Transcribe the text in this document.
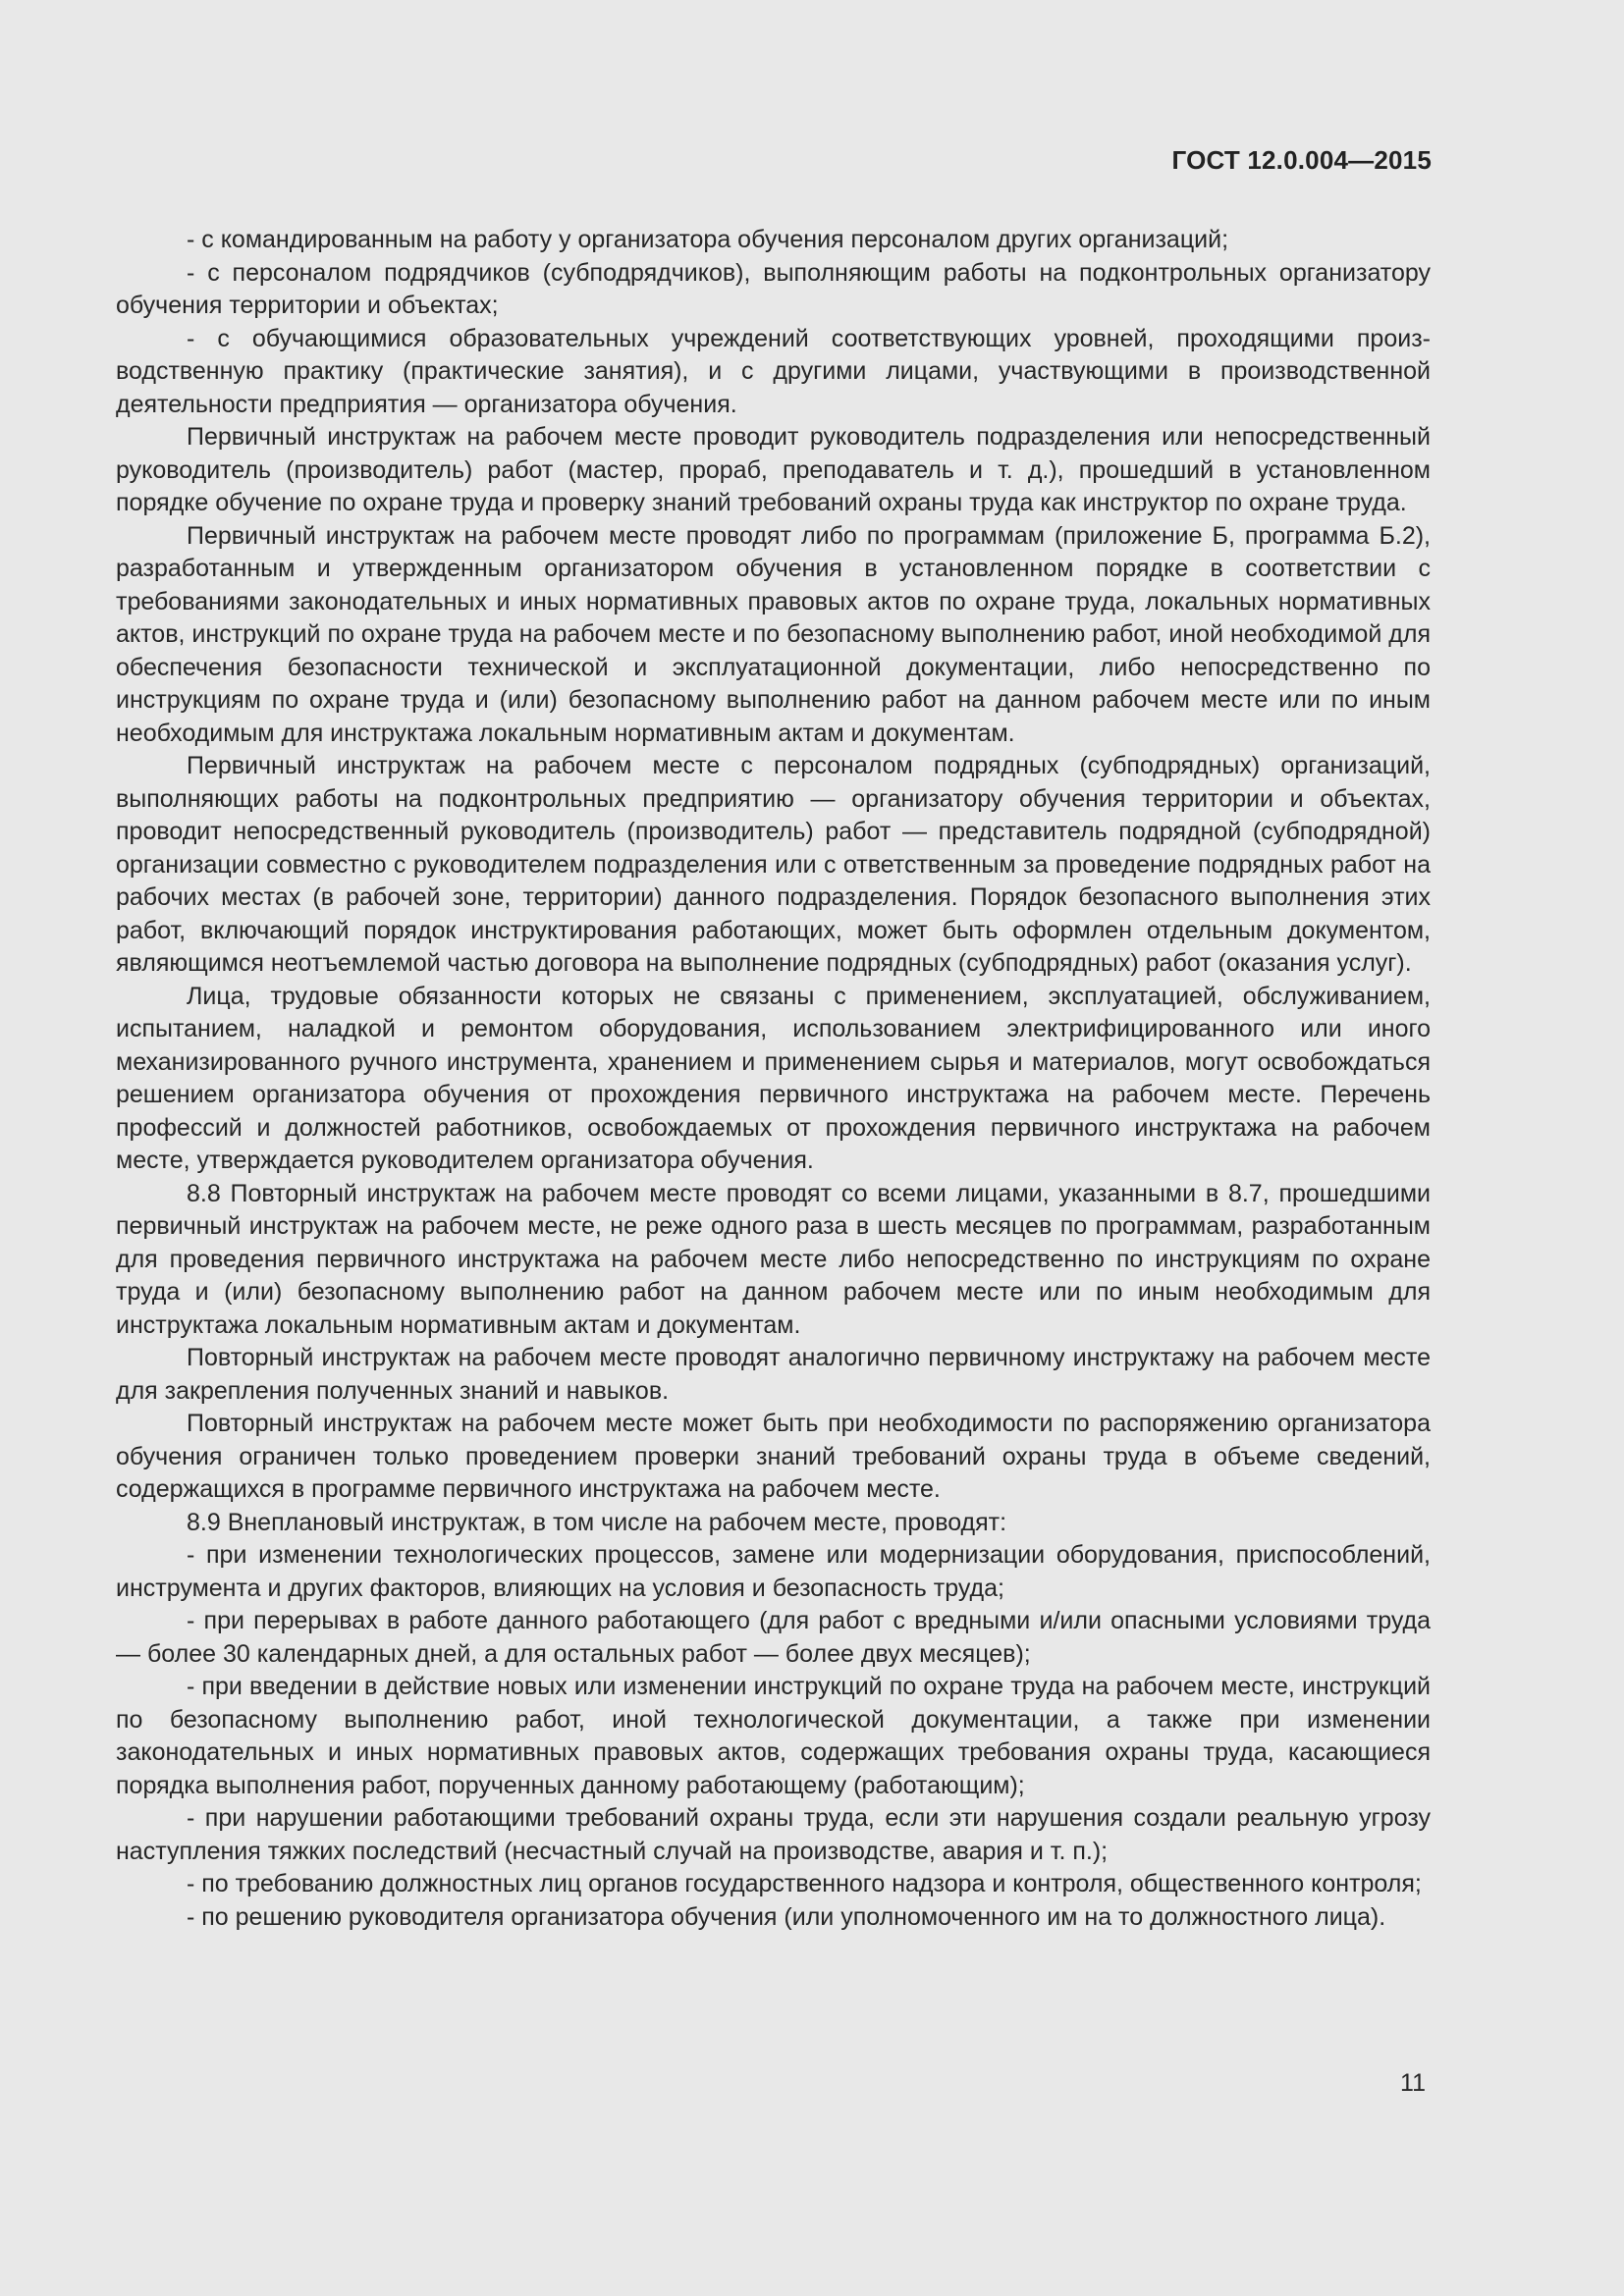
ГОСТ 12.0.004—2015

- с командированным на работу у организатора обучения персоналом других организаций;

- с персоналом подрядчиков (субподрядчиков), выполняющим работы на подконтрольных организатору обучения территории и объектах;

- с обучающимися образовательных учреждений соответствующих уровней, проходящими производственную практику (практические занятия), и с другими лицами, участвующими в производственной деятельности предприятия — организатора обучения.

Первичный инструктаж на рабочем месте проводит руководитель подразделения или непосредственный руководитель (производитель) работ (мастер, прораб, преподаватель и т. д.), прошедший в установленном порядке обучение по охране труда и проверку знаний требований охраны труда как инструктор по охране труда.

Первичный инструктаж на рабочем месте проводят либо по программам (приложение Б, программа Б.2), разработанным и утвержденным организатором обучения в установленном порядке в соответствии с требованиями законодательных и иных нормативных правовых актов по охране труда, локальных нормативных актов, инструкций по охране труда на рабочем месте и по безопасному выполнению работ, иной необходимой для обеспечения безопасности технической и эксплуатационной документации, либо непосредственно по инструкциям по охране труда и (или) безопасному выполнению работ на данном рабочем месте или по иным необходимым для инструктажа локальным нормативным актам и документам.

Первичный инструктаж на рабочем месте с персоналом подрядных (субподрядных) организаций, выполняющих работы на подконтрольных предприятию — организатору обучения территории и объектах, проводит непосредственный руководитель (производитель) работ — представитель подрядной (субподрядной) организации совместно с руководителем подразделения или с ответственным за проведение подрядных работ на рабочих местах (в рабочей зоне, территории) данного подразделения. Порядок безопасного выполнения этих работ, включающий порядок инструктирования работающих, может быть оформлен отдельным документом, являющимся неотъемлемой частью договора на выполнение подрядных (субподрядных) работ (оказания услуг).

Лица, трудовые обязанности которых не связаны с применением, эксплуатацией, обслуживанием, испытанием, наладкой и ремонтом оборудования, использованием электрифицированного или иного механизированного ручного инструмента, хранением и применением сырья и материалов, могут освобождаться решением организатора обучения от прохождения первичного инструктажа на рабочем месте. Перечень профессий и должностей работников, освобождаемых от прохождения первичного инструктажа на рабочем месте, утверждается руководителем организатора обучения.

8.8 Повторный инструктаж на рабочем месте проводят со всеми лицами, указанными в 8.7, прошедшими первичный инструктаж на рабочем месте, не реже одного раза в шесть месяцев по программам, разработанным для проведения первичного инструктажа на рабочем месте либо непосредственно по инструкциям по охране труда и (или) безопасному выполнению работ на данном рабочем месте или по иным необходимым для инструктажа локальным нормативным актам и документам.

Повторный инструктаж на рабочем месте проводят аналогично первичному инструктажу на рабочем месте для закрепления полученных знаний и навыков.

Повторный инструктаж на рабочем месте может быть при необходимости по распоряжению организатора обучения ограничен только проведением проверки знаний требований охраны труда в объеме сведений, содержащихся в программе первичного инструктажа на рабочем месте.

8.9 Внеплановый инструктаж, в том числе на рабочем месте, проводят:

- при изменении технологических процессов, замене или модернизации оборудования, приспособлений, инструмента и других факторов, влияющих на условия и безопасность труда;

- при перерывах в работе данного работающего (для работ с вредными и/или опасными условиями труда — более 30 календарных дней, а для остальных работ — более двух месяцев);

- при введении в действие новых или изменении инструкций по охране труда на рабочем месте, инструкций по безопасному выполнению работ, иной технологической документации, а также при изменении законодательных и иных нормативных правовых актов, содержащих требования охраны труда, касающиеся порядка выполнения работ, порученных данному работающему (работающим);

- при нарушении работающими требований охраны труда, если эти нарушения создали реальную угрозу наступления тяжких последствий (несчастный случай на производстве, авария и т. п.);

- по требованию должностных лиц органов государственного надзора и контроля, общественного контроля;

- по решению руководителя организатора обучения (или уполномоченного им на то должностного лица).

11
